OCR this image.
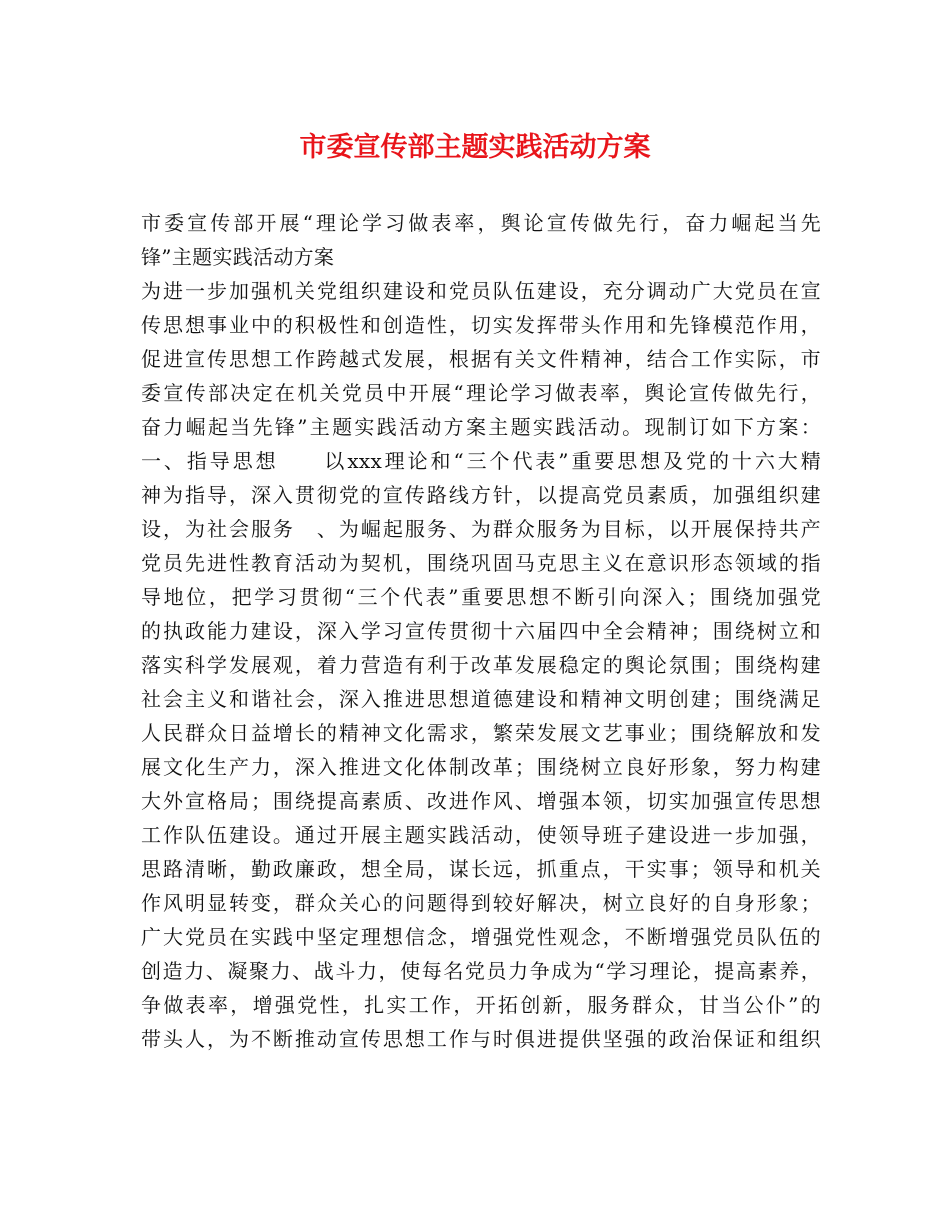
市委宣传部主题实践活动方案
市委宣传部开展“理论学习做表率，舆论宣传做先行，奋力崛起当先
锋”主题实践活动方案
为进一步加强机关党组织建设和党员队伍建设，充分调动广大党员在宣
传思想事业中的积极性和创造性，切实发挥带头作用和先锋模范作用，
促进宣传思想工作跨越式发展，根据有关文件精神，结合工作实际，市
委宣传部决定在机关党员中开展“理论学习做表率，舆论宣传做先行，
奋力崛起当先锋”主题实践活动方案主题实践活动。现制订如下方案：
一、指导思想　　以xxx理论和“三个代表”重要思想及党的十六大精
神为指导，深入贯彻党的宣传路线方针，以提高党员素质，加强组织建
设，为社会服务　、为崛起服务、为群众服务为目标，以开展保持共产
党员先进性教育活动为契机，围绕巩固马克思主义在意识形态领域的指
导地位，把学习贯彻“三个代表”重要思想不断引向深入；围绕加强党
的执政能力建设，深入学习宣传贯彻十六届四中全会精神；围绕树立和
落实科学发展观，着力营造有利于改革发展稳定的舆论氛围；围绕构建
社会主义和谐社会，深入推进思想道德建设和精神文明创建；围绕满足
人民群众日益增长的精神文化需求，繁荣发展文艺事业；围绕解放和发
展文化生产力，深入推进文化体制改革；围绕树立良好形象，努力构建
大外宣格局；围绕提高素质、改进作风、增强本领，切实加强宣传思想
工作队伍建设。通过开展主题实践活动，使领导班子建设进一步加强，
思路清晰，勤政廉政，想全局，谋长远，抓重点，干实事；领导和机关
作风明显转变，群众关心的问题得到较好解决，树立良好的自身形象；
广大党员在实践中坚定理想信念，增强党性观念，不断增强党员队伍的
创造力、凝聚力、战斗力，使每名党员力争成为“学习理论，提高素养，
争做表率，增强党性，扎实工作，开拓创新，服务群众，甘当公仆”的
带头人，为不断推动宣传思想工作与时俱进提供坚强的政治保证和组织
